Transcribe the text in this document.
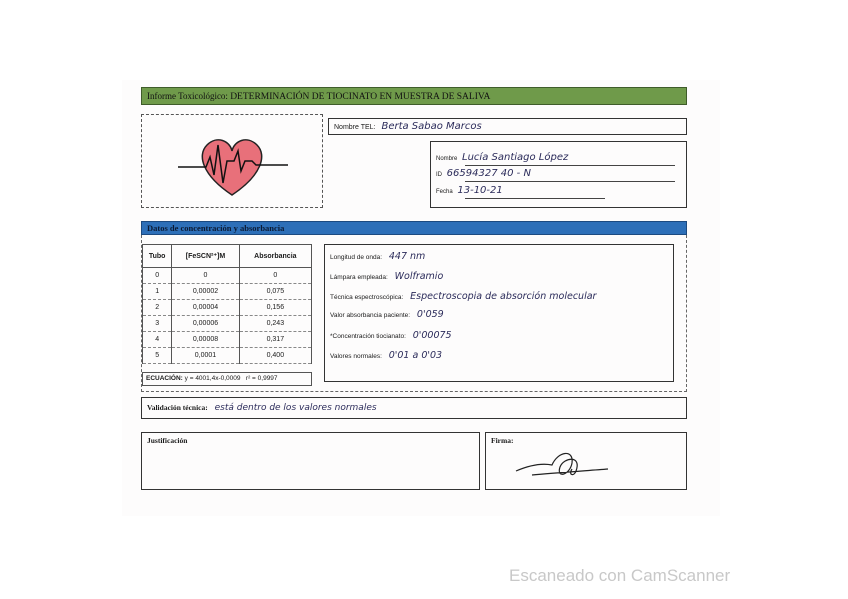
Informe Toxicológico: DETERMINACIÓN DE TIOCINATO EN MUESTRA DE SALIVA
Nombre TEL: Berta Sabao Marcos
Nombre Lucía Santiago López
ID 66594327 40 - N
Fecha 13-10-21
Datos de concentración y absorbancia
Tubo	[FeSCN²⁺]M	Absorbancia
0	0	0
1	0,00002	0,075
2	0,00004	0,156
3	0,00006	0,243
4	0,00008	0,317
5	0,0001	0,400
ECUACIÓN: y = 4001,4x-0,0009 r² = 0,9997
Longitud de onda: 447 nm
Lámpara empleada: Wolframio
Técnica espectroscópica: Espectroscopia de absorción molecular
Valor absorbancia paciente: 0'059
*Concentración tiocianato: 0'00075
Valores normales: 0'01 a 0'03
Validación técnica: está dentro de los valores normales
Justificación	Firma:
Escaneado con CamScanner
